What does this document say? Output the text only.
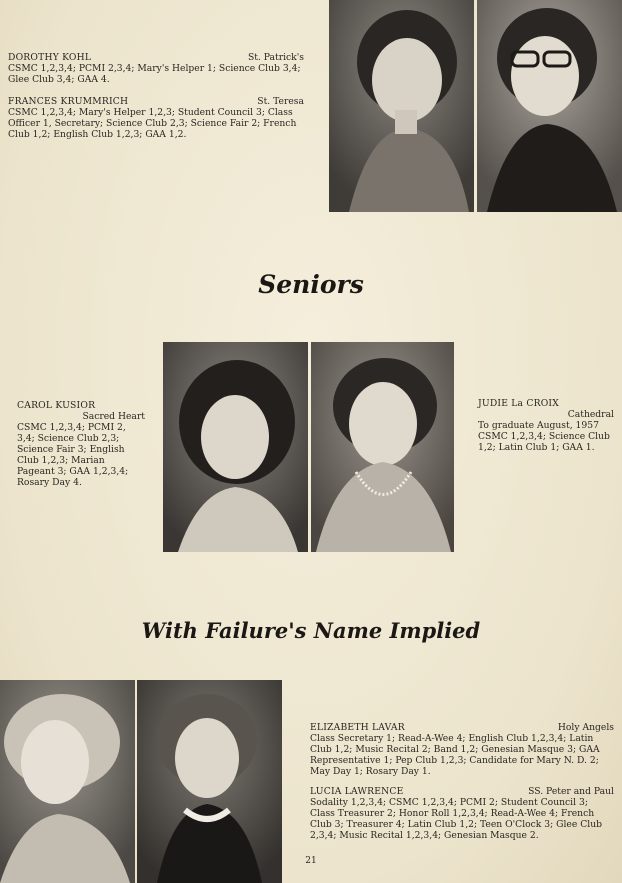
DOROTHY KOHL	St. Patrick's

CSMC 1,2,3,4; PCMI 2,3,4; Mary's Helper 1; Science Club 3,4; Glee Club 3,4; GAA 4.

FRANCES KRUMMRICH	St. Teresa

CSMC 1,2,3,4; Mary's Helper 1,2,3; Student Council 3; Class Officer 1, Secretary; Science Club 2,3; Science Fair 2; French Club 1,2; English Club 1,2,3; GAA 1,2.

Seniors
CAROL KUSIOR
Sacred Heart

CSMC 1,2,3,4; PCMI 2, 3,4; Science Club 2,3; Science Fair 3; English Club 1,2,3; Marian Pageant 3; GAA 1,2,3,4; Rosary Day 4.

JUDIE La CROIX
Cathedral

To graduate August, 1957 CSMC 1,2,3,4; Science Club 1,2; Latin Club 1; GAA 1.

With Failure's Name Implied
ELIZABETH LAVAR	Holy Angels

Class Secretary 1; Read-A-Wee 4; English Club 1,2,3,4; Latin Club 1,2; Music Recital 2; Band 1,2; Genesian Masque 3; GAA Representative 1; Pep Club 1,2,3; Candidate for Mary N. D. 2; May Day 1; Rosary Day 1.

LUCIA LAWRENCE	SS. Peter and Paul

Sodality 1,2,3,4; CSMC 1,2,3,4; PCMI 2; Student Council 3; Class Treasurer 2; Honor Roll 1,2,3,4; Read-A-Wee 4; French Club 3; Treasurer 4; Latin Club 1,2; Teen O'Clock 3; Glee Club 2,3,4; Music Recital 1,2,3,4; Genesian Masque 2.

21
